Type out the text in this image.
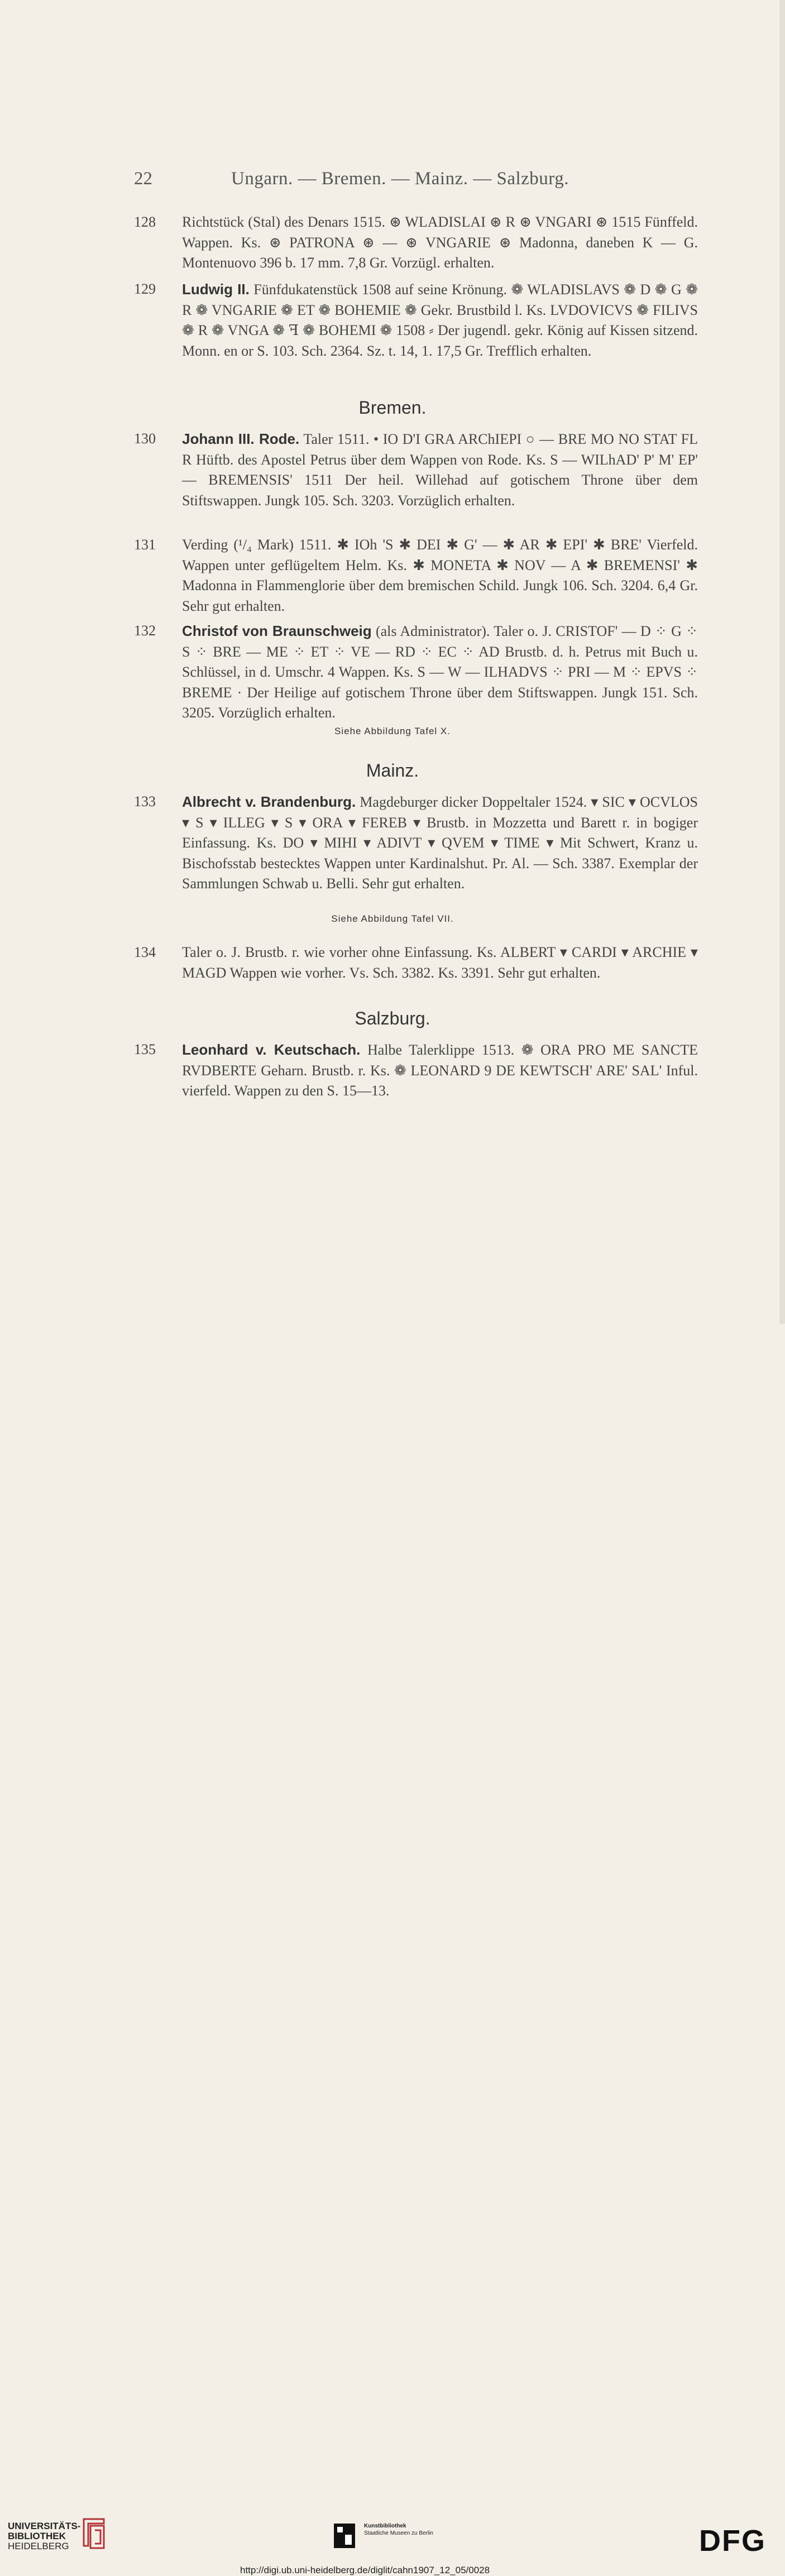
22	Ungarn. — Bremen. — Mainz. — Salzburg.
128 Richtstück (Stal) des Denars 1515. ⊛ WLADISLAI ⊛ R ⊛ VNGARI ⊛ 1515 Fünffeld. Wappen. Ks. ⊛ PATRONA ⊛ — ⊛ VNGARIE ⊛ Madonna, daneben K — G. Montenuovo 396 b. 17 mm. 7,8 Gr. Vorzügl. erhalten.
129 Ludwig II. Fünfdukatenstück 1508 auf seine Krönung. ❁ WLADISLAVS ❁ D ❁ G ❁ R ❁ VNGARIE ❁ ET ❁ BOHEMIE ❁ Gekr. Brustbild l. Ks. LVDOVICVS ❁ FILIVS ❁ R ❁ VNGA ❁ ꟻ ❁ BOHEMI ❁ 1508 ⸗ Der jugendl. gekr. König auf Kissen sitzend. Monn. en or S. 103. Sch. 2364. Sz. t. 14, 1. 17,5 Gr. Trefflich erhalten.
Bremen.
130 Johann III. Rode. Taler 1511. • IO D'I GRA ARChIEPI ○ — BRE MO NO STAT FL R Hüftb. des Apostel Petrus über dem Wappen von Rode. Ks. S — WILhAD' P' M' EP' — BREMENSIS' 1511 Der heil. Willehad auf gotischem Throne über dem Stiftswappen. Jungk 105. Sch. 3203. Vorzüglich erhalten.
131 Verding (¹/₄ Mark) 1511. ✱ IOh 'S ✱ DEI ✱ G' — ✱ AR ✱ EPI' ✱ BRE' Vierfeld. Wappen unter geflügeltem Helm. Ks. ✱ MONETA ✱ NOV — A ✱ BREMENSI' ✱ Madonna in Flammenglorie über dem bremischen Schild. Jungk 106. Sch. 3204. 6,4 Gr. Sehr gut erhalten.
132 Christof von Braunschweig (als Administrator). Taler o. J. CRISTOF' — D ⁘ G ⁘ S ⁘ BRE — ME ⁘ ET ⁘ VE — RD ⁘ EC ⁘ AD Brustb. d. h. Petrus mit Buch u. Schlüssel, in d. Umschr. 4 Wappen. Ks. S — W — ILHADVS ⁘ PRI — M ⁘ EPVS ⁘ BREME · Der Heilige auf gotischem Throne über dem Stiftswappen. Jungk 151. Sch. 3205. Vorzüglich erhalten.
Siehe Abbildung Tafel X.
Mainz.
133 Albrecht v. Brandenburg. Magdeburger dicker Doppeltaler 1524. ▾ SIC ▾ OCVLOS ▾ S ▾ ILLEG ▾ S ▾ ORA ▾ FEREB ▾ Brustb. in Mozzetta und Barett r. in bogiger Einfassung. Ks. DO ▾ MIHI ▾ ADIVT ▾ QVEM ▾ TIME ▾ Mit Schwert, Kranz u. Bischofsstab bestecktes Wappen unter Kardinalshut. Pr. Al. — Sch. 3387. Exemplar der Sammlungen Schwab u. Belli. Sehr gut erhalten.
Siehe Abbildung Tafel VII.
134 Taler o. J. Brustb. r. wie vorher ohne Einfassung. Ks. ALBERT ▾ CARDI ▾ ARCHIE ▾ MAGD Wappen wie vorher. Vs. Sch. 3382. Ks. 3391. Sehr gut erhalten.
Salzburg.
135 Leonhard v. Keutschach. Halbe Talerklippe 1513. ❁ ORA PRO ME SANCTE RVDBERTE Geharn. Brustb. r. Ks. ❁ LEONARD 9 DE KEWTSCH' ARE' SAL' Inful. vierfeld. Wappen zu den S. 15—13.
UNIVERSITÄTS-
BIBLIOTHEK
HEIDELBERG
Kunstbibliothek
Staatliche Museen zu Berlin	DFG
http://digi.ub.uni-heidelberg.de/diglit/cahn1907_12_05/0028
